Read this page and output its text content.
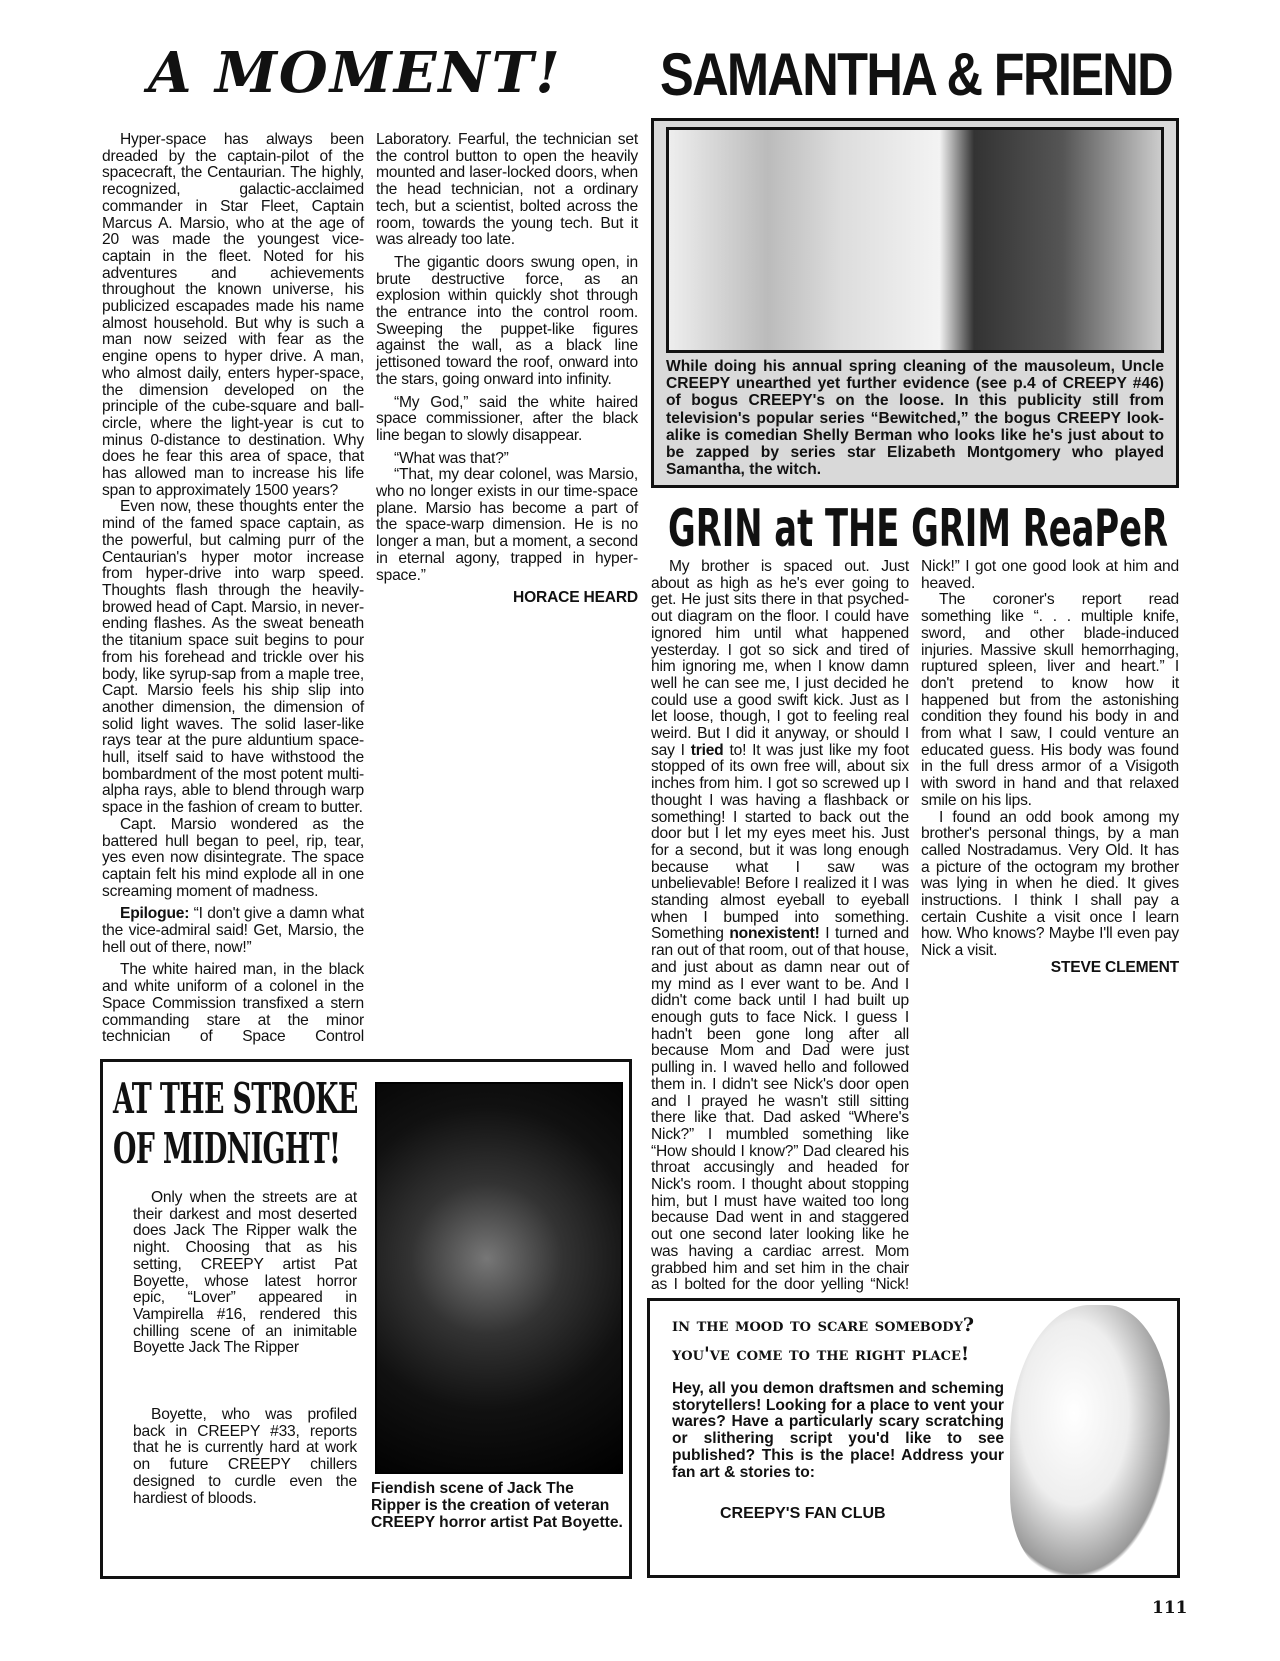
A MOMENT!

Hyper-space has always been dreaded by the captain-pilot of the spacecraft, the Centaurian. The highly, recognized, galactic-acclaimed commander in Star Fleet, Captain Marcus A. Marsio, who at the age of 20 was made the youngest vice-captain in the fleet. Noted for his adventures and achievements throughout the known universe, his publicized escapades made his name almost household. But why is such a man now seized with fear as the engine opens to hyper drive. A man, who almost daily, enters hyper-space, the dimension developed on the principle of the cube-square and ball-circle, where the light-year is cut to minus 0-distance to destination. Why does he fear this area of space, that has allowed man to increase his life span to approximately 1500 years?

Even now, these thoughts enter the mind of the famed space captain, as the powerful, but calming purr of the Centaurian's hyper motor increase from hyper-drive into warp speed. Thoughts flash through the heavily-browed head of Capt. Marsio, in never-ending flashes. As the sweat beneath the titanium space suit begins to pour from his forehead and trickle over his body, like syrup-sap from a maple tree, Capt. Marsio feels his ship slip into another dimension, the dimension of solid light waves. The solid laser-like rays tear at the pure alduntium space-hull, itself said to have withstood the bombardment of the most potent multi-alpha rays, able to blend through warp space in the fashion of cream to butter.

Capt. Marsio wondered as the battered hull began to peel, rip, tear, yes even now disintegrate. The space captain felt his mind explode all in one screaming moment of madness.

Epilogue: “I don't give a damn what the vice-admiral said! Get, Marsio, the hell out of there, now!”

The white haired man, in the black and white uniform of a colonel in the Space Commission transfixed a stern commanding stare at the minor technician of Space Control Laboratory. Fearful, the technician set the control button to open the heavily mounted and laser-locked doors, when the head technician, not a ordinary tech, but a scientist, bolted across the room, towards the young tech. But it was already too late.

The gigantic doors swung open, in brute destructive force, as an explosion within quickly shot through the entrance into the control room. Sweeping the puppet-like figures against the wall, as a black line jettisoned toward the roof, onward into the stars, going onward into infinity.

“My God,” said the white haired space commissioner, after the black line began to slowly disappear.

“What was that?”

“That, my dear colonel, was Marsio, who no longer exists in our time-space plane. Marsio has become a part of the space-warp dimension. He is no longer a man, but a moment, a second in eternal agony, trapped in hyper-space.”

HORACE HEARD

SAMANTHA & FRIEND
While doing his annual spring cleaning of the mausoleum, Uncle CREEPY unearthed yet further evidence (see p.4 of CREEPY #46) of bogus CREEPY's on the loose. In this publicity still from television's popular series “Bewitched,” the bogus CREEPY look-alike is comedian Shelly Berman who looks like he's just about to be zapped by series star Elizabeth Montgomery who played Samantha, the witch.
GRIN at THE GRIM ReaPeR

My brother is spaced out. Just about as high as he's ever going to get. He just sits there in that psyched-out diagram on the floor. I could have ignored him until what happened yesterday. I got so sick and tired of him ignoring me, when I know damn well he can see me, I just decided he could use a good swift kick. Just as I let loose, though, I got to feeling real weird. But I did it anyway, or should I say I tried to! It was just like my foot stopped of its own free will, about six inches from him. I got so screwed up I thought I was having a flashback or something! I started to back out the door but I let my eyes meet his. Just for a second, but it was long enough because what I saw was unbelievable! Before I realized it I was standing almost eyeball to eyeball when I bumped into something. Something nonexistent! I turned and ran out of that room, out of that house, and just about as damn near out of my mind as I ever want to be. And I didn't come back until I had built up enough guts to face Nick. I guess I hadn't been gone long after all because Mom and Dad were just pulling in. I waved hello and followed them in. I didn't see Nick's door open and I prayed he wasn't still sitting there like that. Dad asked “Where's Nick?” I mumbled something like “How should I know?” Dad cleared his throat accusingly and headed for Nick's room. I thought about stopping him, but I must have waited too long because Dad went in and staggered out one second later looking like he was having a cardiac arrest. Mom grabbed him and set him in the chair as I bolted for the door yelling “Nick! Nick!” I got one good look at him and heaved.

The coroner's report read something like “. . . multiple knife, sword, and other blade-induced injuries. Massive skull hemorrhaging, ruptured spleen, liver and heart.” I don't pretend to know how it happened but from the astonishing condition they found his body in and from what I saw, I could venture an educated guess. His body was found in the full dress armor of a Visigoth with sword in hand and that relaxed smile on his lips.

I found an odd book among my brother's personal things, by a man called Nostradamus. Very Old. It has a picture of the octogram my brother was lying in when he died. It gives instructions. I think I shall pay a certain Cushite a visit once I learn how. Who knows? Maybe I'll even pay Nick a visit.

STEVE CLEMENT

AT THE STROKE OF MIDNIGHT!

Only when the streets are at their darkest and most deserted does Jack The Ripper walk the night. Choosing that as his setting, CREEPY artist Pat Boyette, whose latest horror epic, “Lover” appeared in Vampirella #16, rendered this chilling scene of an inimitable Boyette Jack The Ripper

Boyette, who was profiled back in CREEPY #33, reports that he is currently hard at work on future CREEPY chillers designed to curdle even the hardiest of bloods.

Fiendish scene of Jack The Ripper is the creation of veteran CREEPY horror artist Pat Boyette.
in the mood to scare somebody?
you've come to the right place!
Hey, all you demon draftsmen and scheming storytellers! Looking for a place to vent your wares? Have a particularly scary scratching or slithering script you'd like to see published? This is the place! Address your fan art & stories to:
CREEPY'S FAN CLUB
111
